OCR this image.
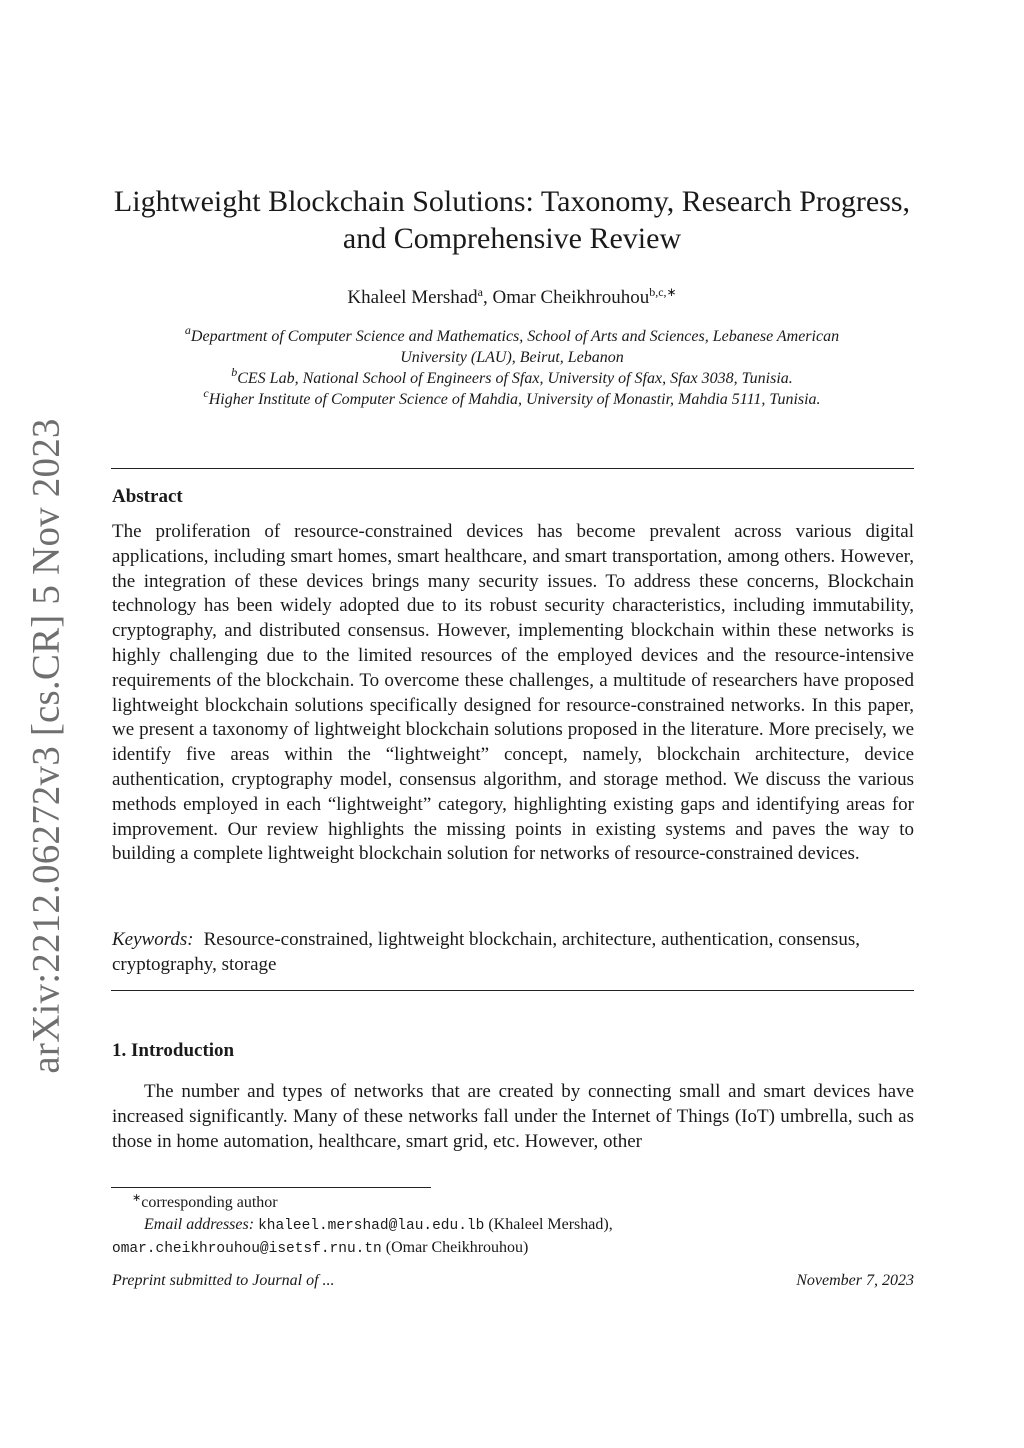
arXiv:2212.06272v3 [cs.CR] 5 Nov 2023
Lightweight Blockchain Solutions: Taxonomy, Research Progress,
and Comprehensive Review
Khaleel Mershad$^a$, Omar Cheikhrouhou$^{b,c,∗}$

$^a$Department of Computer Science and Mathematics, School of Arts and Sciences, Lebanese American
University (LAU), Beirut, Lebanon

$^b$CES Lab, National School of Engineers of Sfax, University of Sfax, Sfax 3038, Tunisia.

$^c$Higher Institute of Computer Science of Mahdia, University of Monastir, Mahdia 5111, Tunisia.

Abstract
The proliferation of resource-constrained devices has become prevalent across various digital applications, including smart homes, smart healthcare, and smart transportation, among others. However, the integration of these devices brings many security issues. To address these concerns, Blockchain technology has been widely adopted due to its robust security characteristics, including immutability, cryptography, and distributed consensus. However, implementing blockchain within these networks is highly challenging due to the limited resources of the employed devices and the resource-intensive requirements of the blockchain. To overcome these challenges, a multitude of researchers have proposed lightweight blockchain solutions specifically designed for resource-constrained networks. In this paper, we present a taxonomy of lightweight blockchain solutions proposed in the literature. More precisely, we identify five areas within the “lightweight” concept, namely, blockchain architecture, device authentication, cryptography model, consensus algorithm, and storage method. We discuss the various methods employed in each “lightweight” category, highlighting existing gaps and identifying areas for improvement. Our review highlights the missing points in existing systems and paves the way to building a complete lightweight blockchain solution for networks of resource-constrained devices.
Keywords: Resource-constrained, lightweight blockchain, architecture, authentication, consensus, cryptography, storage
1. Introduction
The number and types of networks that are created by connecting small and smart devices have increased significantly. Many of these networks fall under the Internet of Things (IoT) umbrella, such as those in home automation, healthcare, smart grid, etc. However, other
∗corresponding author
Email addresses: khaleel.mershad@lau.edu.lb (Khaleel Mershad),
omar.cheikhrouhou@isetsf.rnu.tn (Omar Cheikhrouhou)
Preprint submitted to Journal of ...	November 7, 2023
